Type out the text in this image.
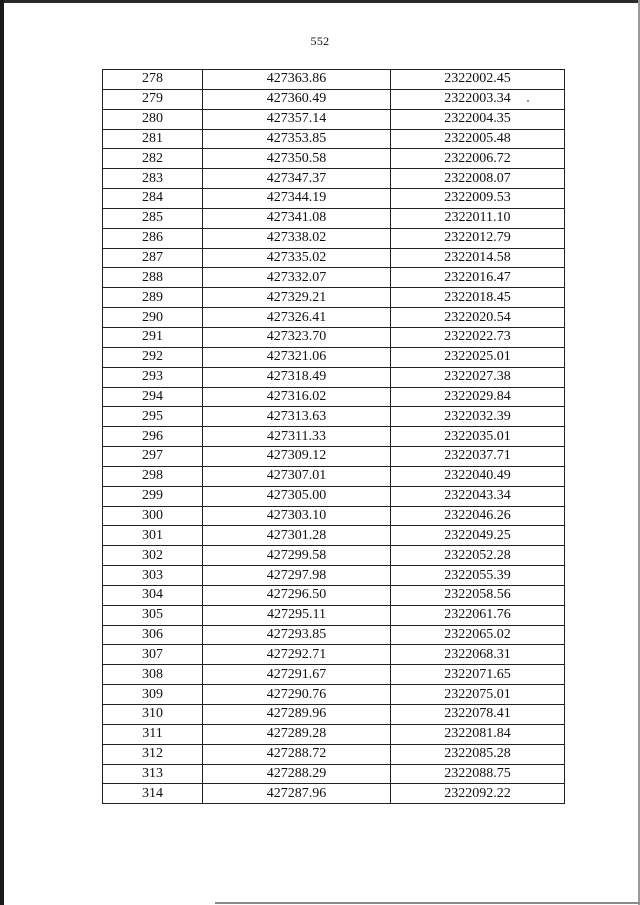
552
278	427363.86	2322002.45
279	427360.49	2322003.34
280	427357.14	2322004.35
281	427353.85	2322005.48
282	427350.58	2322006.72
283	427347.37	2322008.07
284	427344.19	2322009.53
285	427341.08	2322011.10
286	427338.02	2322012.79
287	427335.02	2322014.58
288	427332.07	2322016.47
289	427329.21	2322018.45
290	427326.41	2322020.54
291	427323.70	2322022.73
292	427321.06	2322025.01
293	427318.49	2322027.38
294	427316.02	2322029.84
295	427313.63	2322032.39
296	427311.33	2322035.01
297	427309.12	2322037.71
298	427307.01	2322040.49
299	427305.00	2322043.34
300	427303.10	2322046.26
301	427301.28	2322049.25
302	427299.58	2322052.28
303	427297.98	2322055.39
304	427296.50	2322058.56
305	427295.11	2322061.76
306	427293.85	2322065.02
307	427292.71	2322068.31
308	427291.67	2322071.65
309	427290.76	2322075.01
310	427289.96	2322078.41
311	427289.28	2322081.84
312	427288.72	2322085.28
313	427288.29	2322088.75
314	427287.96	2322092.22
